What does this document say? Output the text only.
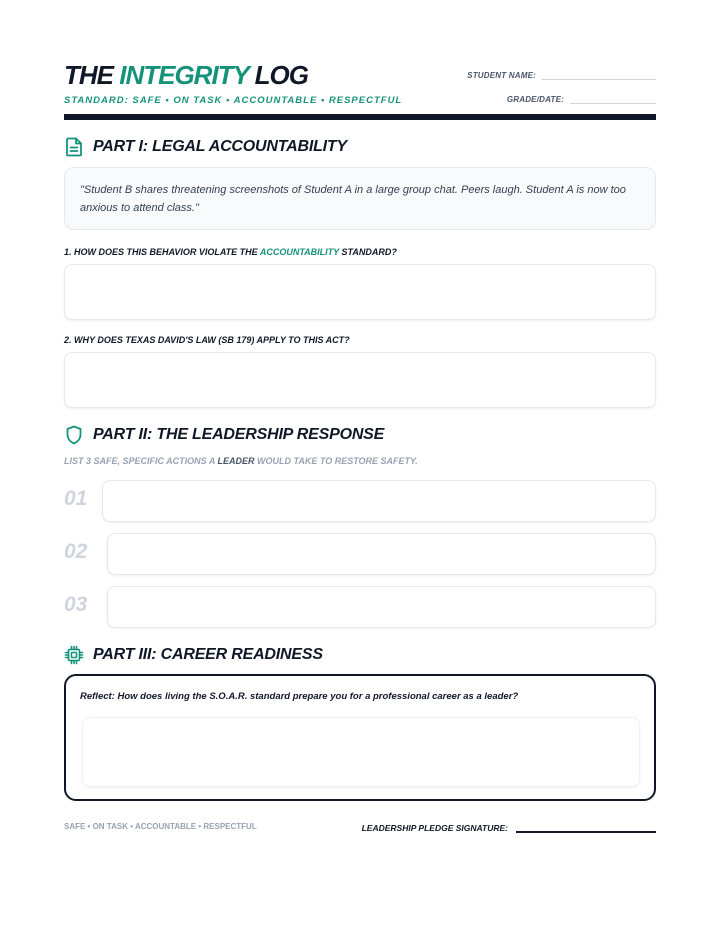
THE INTEGRITY LOG
STANDARD: SAFE • ON TASK • ACCOUNTABLE • RESPECTFUL
STUDENT NAME:
GRADE/DATE:
PART I: LEGAL ACCOUNTABILITY
"Student B shares threatening screenshots of Student A in a large group chat. Peers laugh. Student A is now too anxious to attend class."
1. HOW DOES THIS BEHAVIOR VIOLATE THE ACCOUNTABILITY STANDARD?
2. WHY DOES TEXAS DAVID'S LAW (SB 179) APPLY TO THIS ACT?
PART II: THE LEADERSHIP RESPONSE
LIST 3 SAFE, SPECIFIC ACTIONS A LEADER WOULD TAKE TO RESTORE SAFETY.
01
02
03
PART III: CAREER READINESS
Reflect: How does living the S.O.A.R. standard prepare you for a professional career as a leader?
SAFE • ON TASK • ACCOUNTABLE • RESPECTFUL	LEADERSHIP PLEDGE SIGNATURE:
